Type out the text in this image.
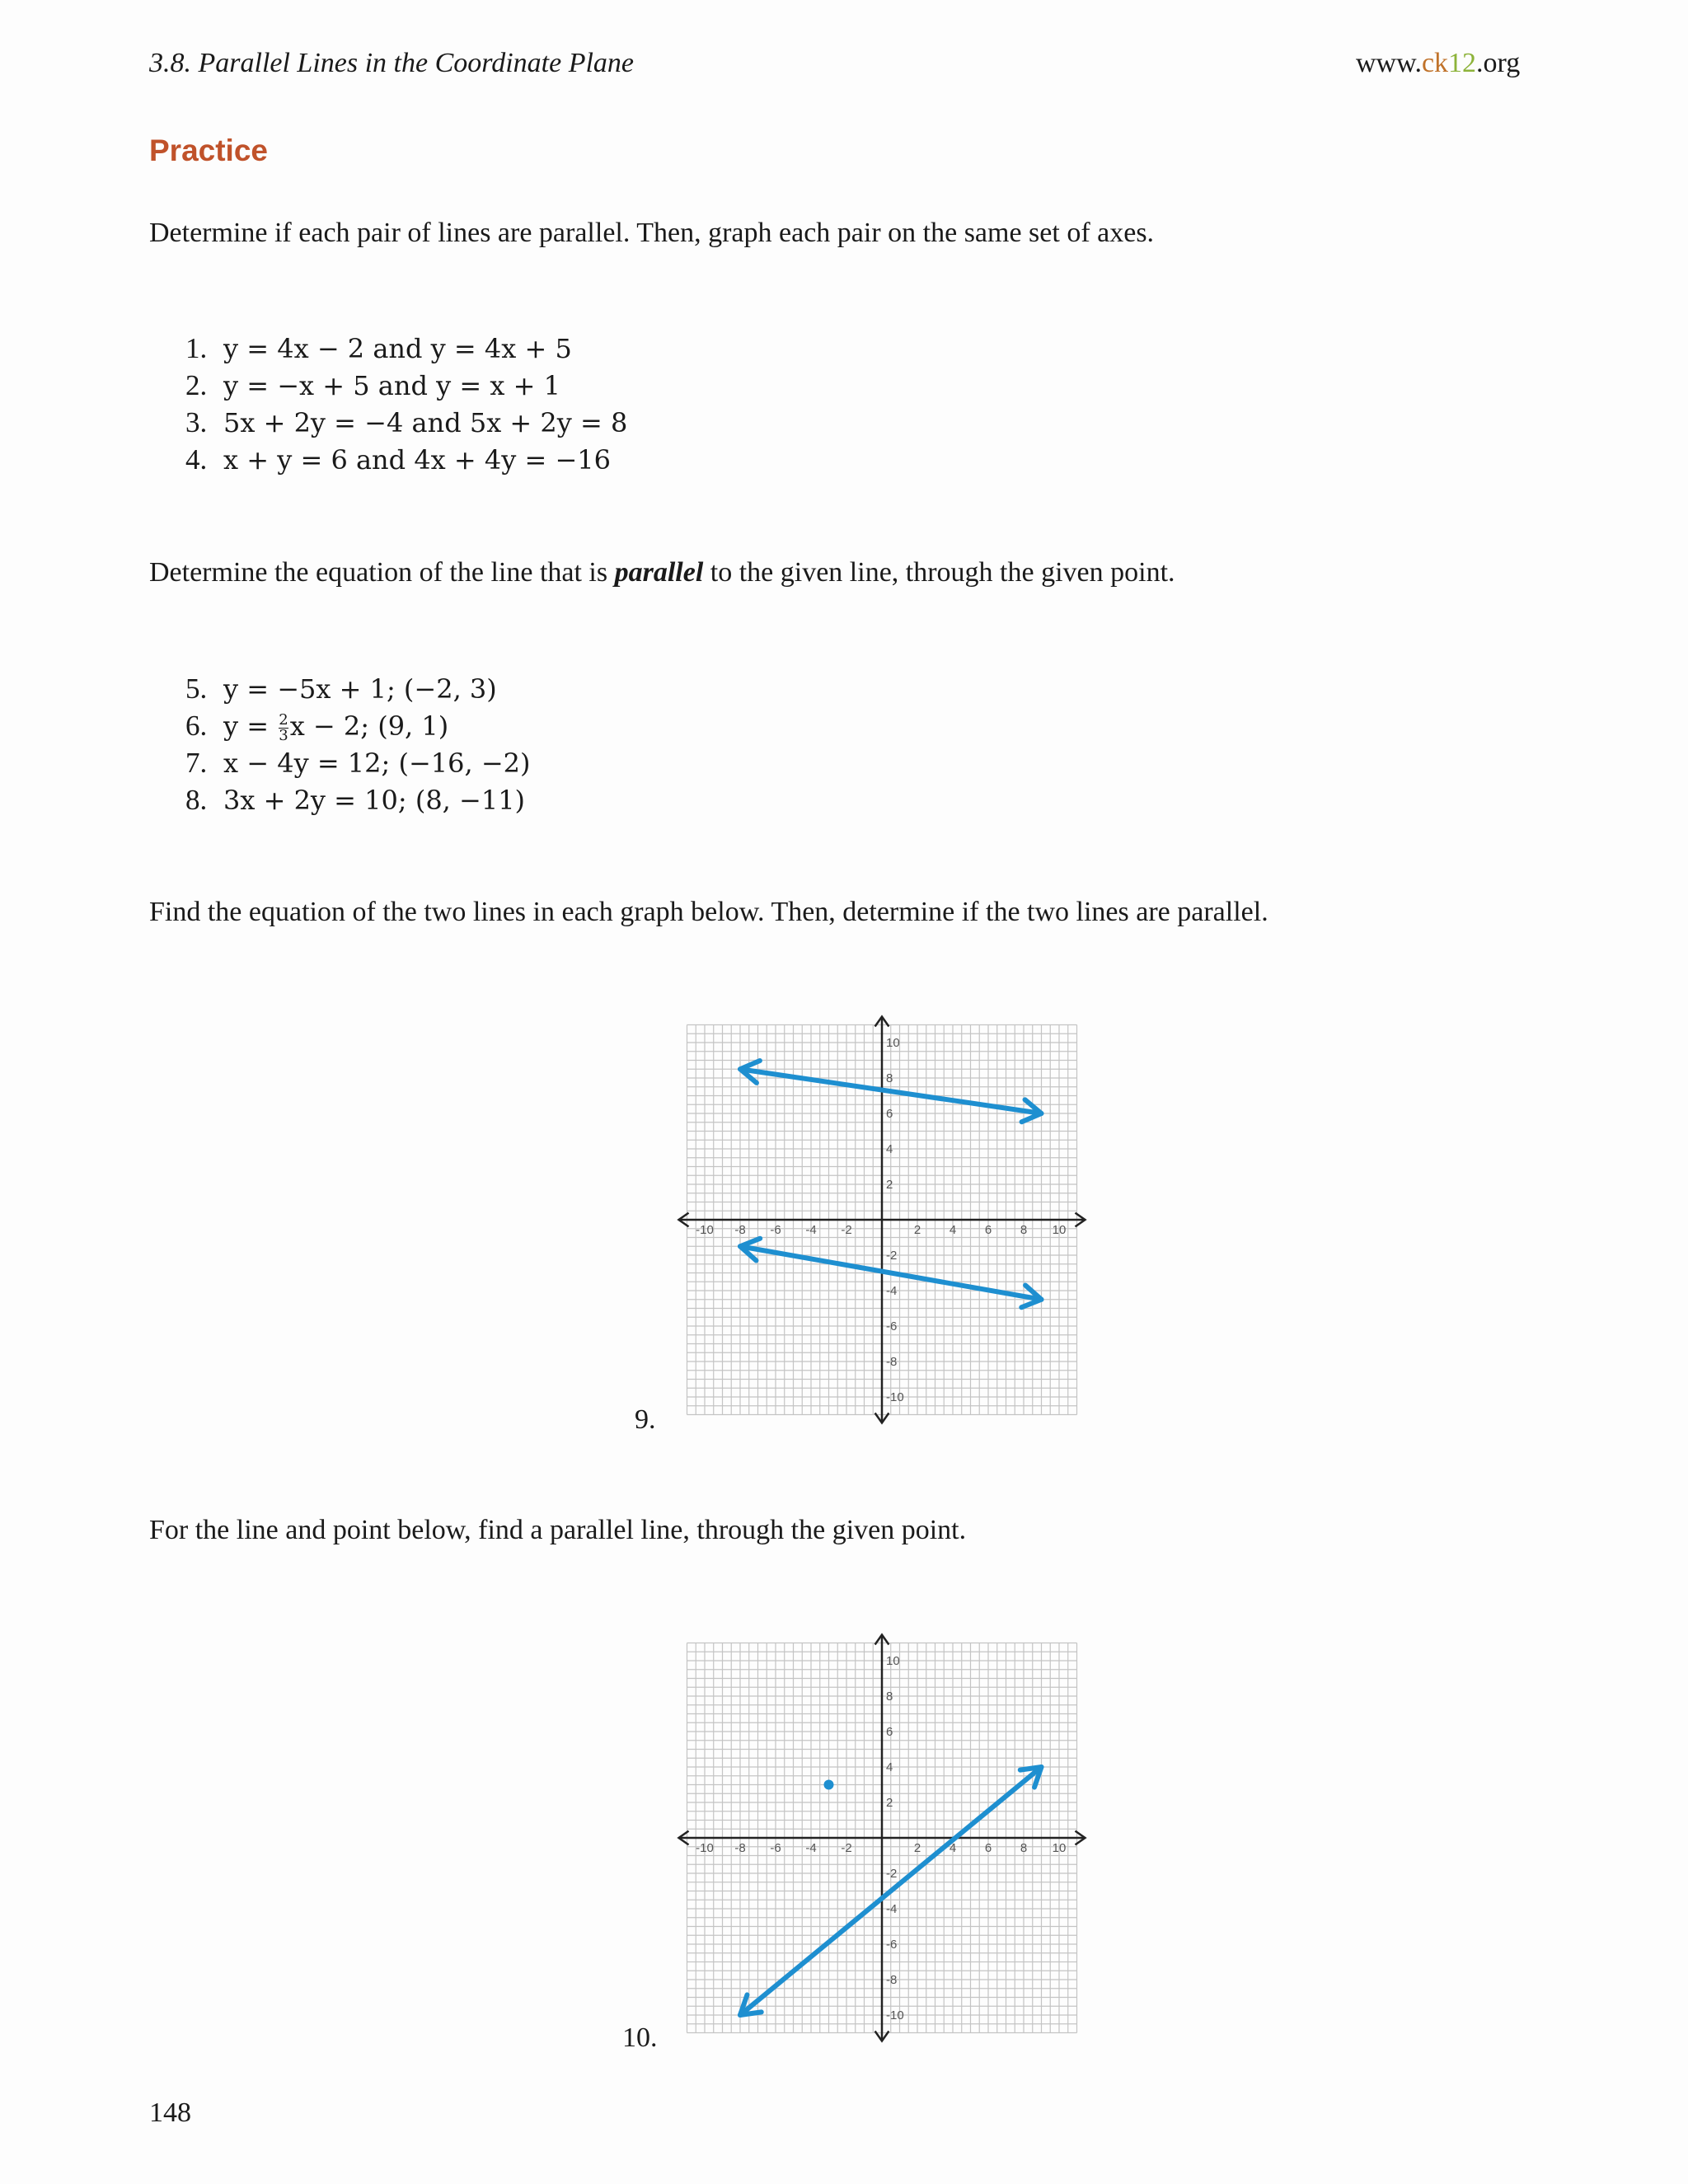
3.8. Parallel Lines in the Coordinate Plane	www.ck12.org
Practice
Determine if each pair of lines are parallel. Then, graph each pair on the same set of axes.
1. y = 4x − 2 and y = 4x + 5
2. y = −x + 5 and y = x + 1
3. 5x + 2y = −4 and 5x + 2y = 8
4. x + y = 6 and 4x + 4y = −16
Determine the equation of the line that is parallel to the given line, through the given point.
5. y = −5x + 1; (−2, 3)
6. $y = \frac{2}{3}$ x − 2; (9, 1)
7. x − 4y = 12; (−16, −2)
8. 3x + 2y = 10; (8, −11)
Find the equation of the two lines in each graph below. Then, determine if the two lines are parallel.
-10 -8 -6 -4 -2	2 4 6 8 10
10
8
6
4
2
-2
-4
-6
-8
-10
9.
For the line and point below, find a parallel line, through the given point.
-10 -8 -6 -4 -2	2 4 6 8 10
10
8
6
4
2
-2
-4
-6
-8
-10
10.
148
